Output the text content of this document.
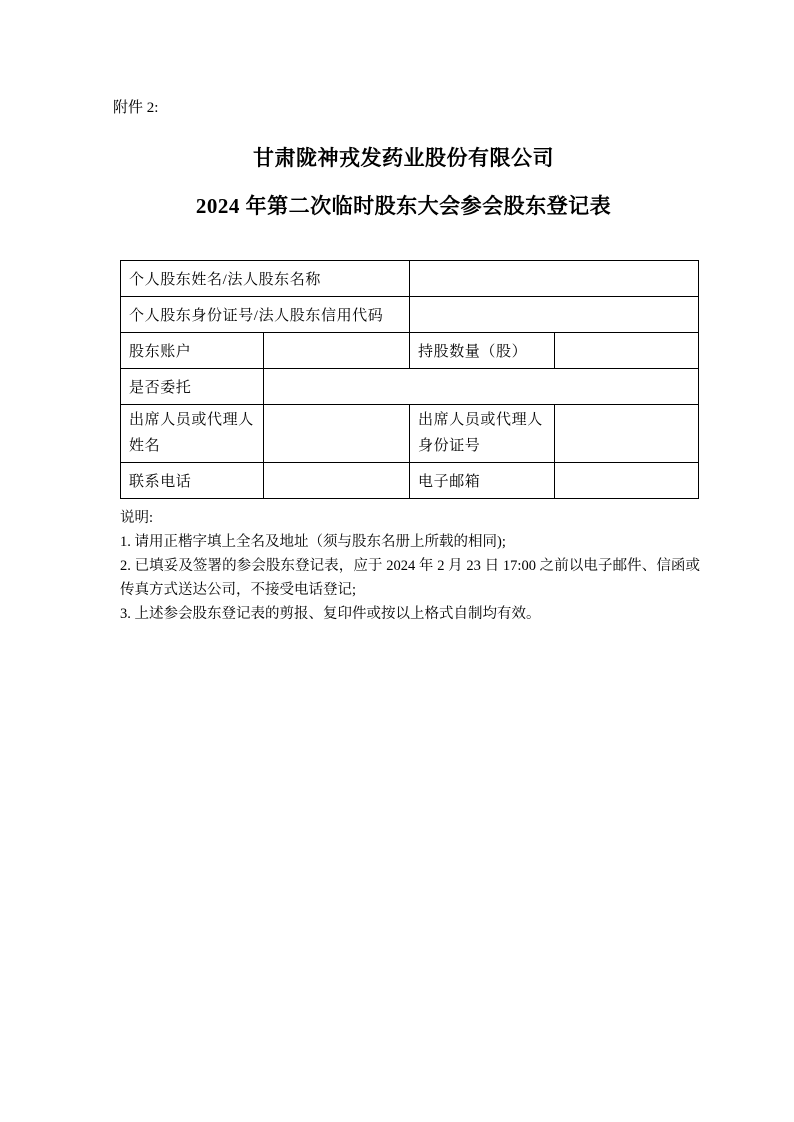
附件 2:

甘肃陇神戎发药业股份有限公司
2024 年第二次临时股东大会参会股东登记表
个人股东姓名/法人股东名称			
个人股东身份证号/法人股东信用代码			
股东账户		持股数量（股）	
是否委托			
出席人员或代理人姓名		出席人员或代理人身份证号	
联系电话		电子邮箱	

说明:

1. 请用正楷字填上全名及地址（须与股东名册上所载的相同);

2. 已填妥及签署的参会股东登记表，应于 2024 年 2 月 23 日 17:00 之前以电子邮件、信函或传真方式送达公司，不接受电话登记;

3. 上述参会股东登记表的剪报、复印件或按以上格式自制均有效。
